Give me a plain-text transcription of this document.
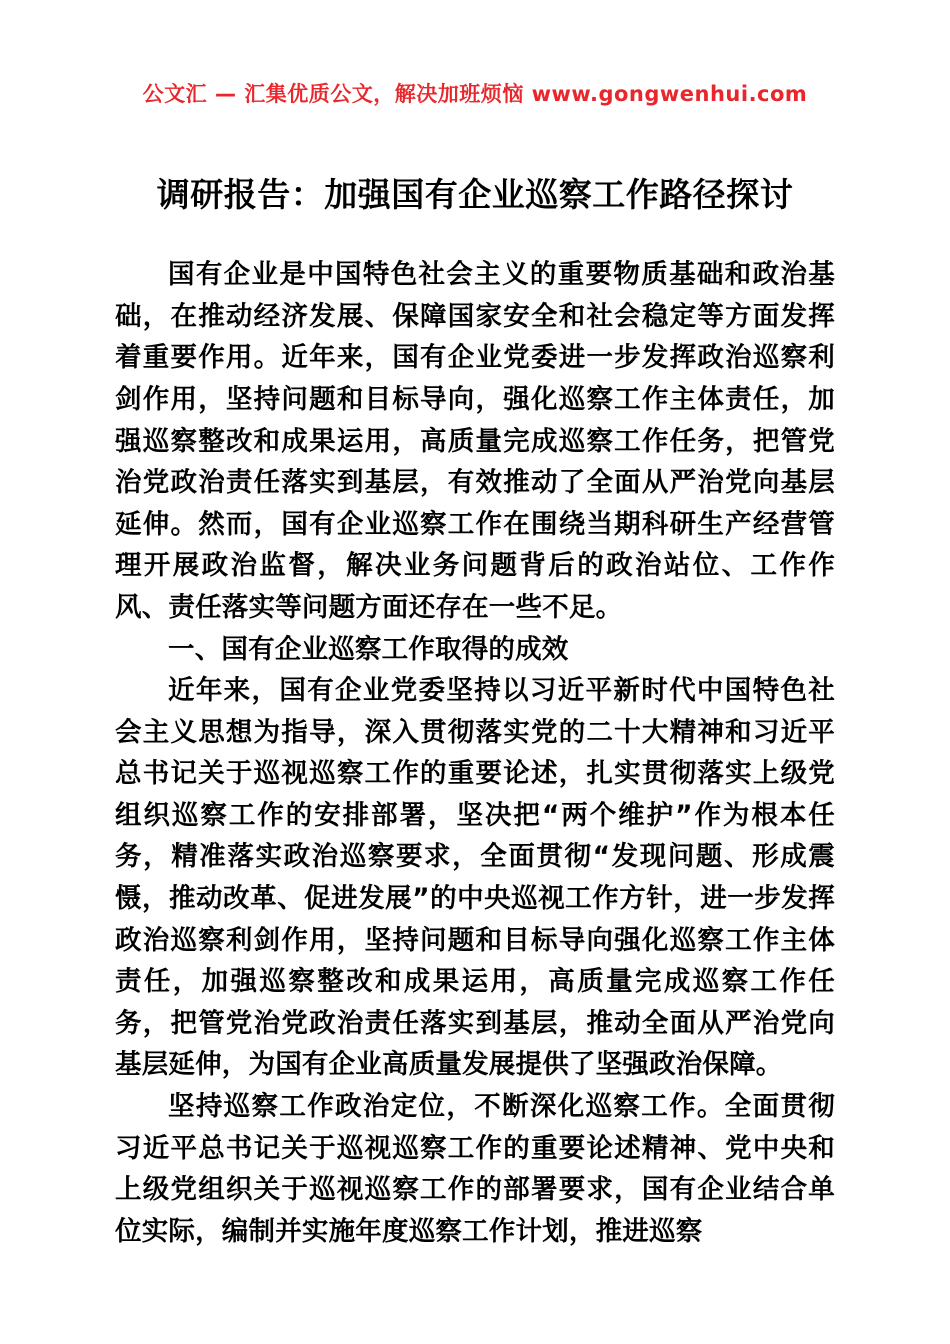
公文汇 — 汇集优质公文，解决加班烦恼 www.gongwenhui.com
调研报告：加强国有企业巡察工作路径探讨

国有企业是中国特色社会主义的重要物质基础和政治基础，在推动经济发展、保障国家安全和社会稳定等方面发挥着重要作用。近年来，国有企业党委进一步发挥政治巡察利剑作用，坚持问题和目标导向，强化巡察工作主体责任，加强巡察整改和成果运用，高质量完成巡察工作任务，把管党治党政治责任落实到基层，有效推动了全面从严治党向基层延伸。然而，国有企业巡察工作在围绕当期科研生产经营管理开展政治监督，解决业务问题背后的政治站位、工作作风、责任落实等问题方面还存在一些不足。

一、国有企业巡察工作取得的成效

近年来，国有企业党委坚持以习近平新时代中国特色社会主义思想为指导，深入贯彻落实党的二十大精神和习近平总书记关于巡视巡察工作的重要论述，扎实贯彻落实上级党组织巡察工作的安排部署，坚决把“两个维护”作为根本任务，精准落实政治巡察要求，全面贯彻“发现问题、形成震慑，推动改革、促进发展”的中央巡视工作方针，进一步发挥政治巡察利剑作用，坚持问题和目标导向强化巡察工作主体责任，加强巡察整改和成果运用，高质量完成巡察工作任务，把管党治党政治责任落实到基层，推动全面从严治党向基层延伸，为国有企业高质量发展提供了坚强政治保障。

坚持巡察工作政治定位，不断深化巡察工作。全面贯彻习近平总书记关于巡视巡察工作的重要论述精神、党中央和上级党组织关于巡视巡察工作的部署要求，国有企业结合单位实际，编制并实施年度巡察工作计划，推进巡察
